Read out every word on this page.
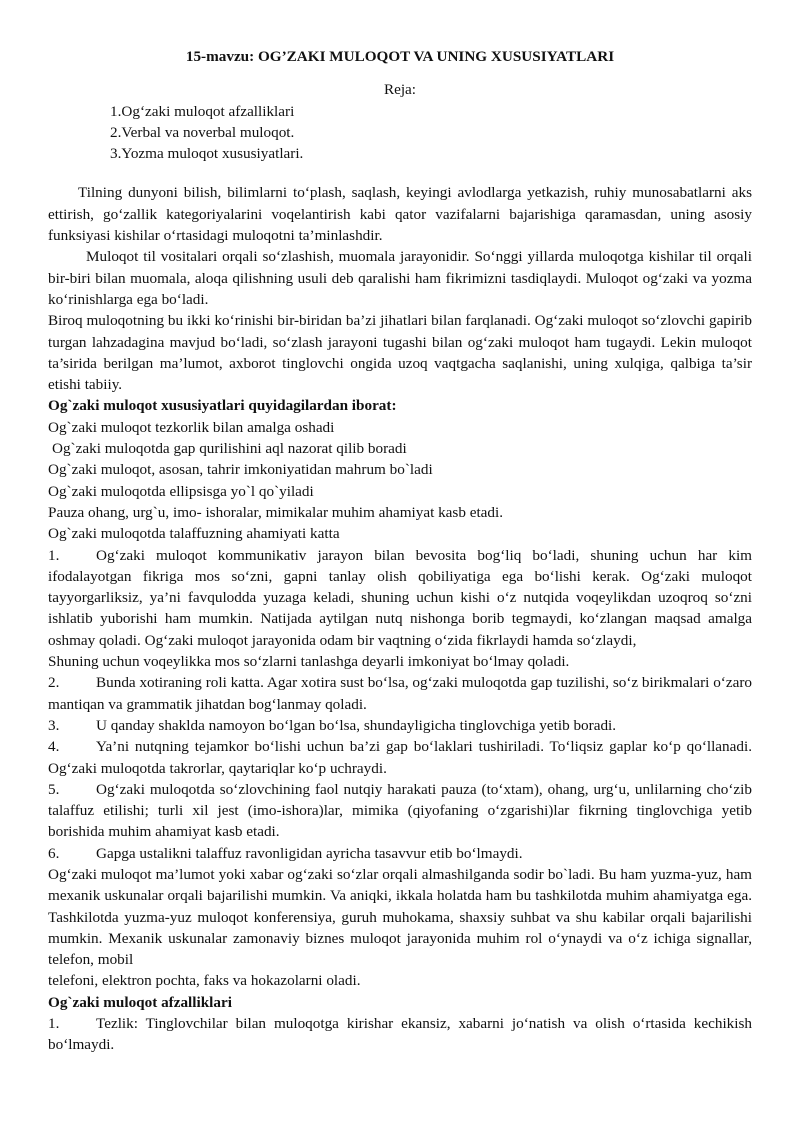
15-mavzu: OG’ZAKI MULOQOT VA UNING XUSUSIYATLARI

Reja:

1.Og‘zaki muloqot afzalliklari
2.Verbal va noverbal muloqot.
3.Yozma muloqot xususiyatlari.

Tilning dunyoni bilish, bilimlarni to‘plash, saqlash, keyingi avlodlarga yetkazish, ruhiy munosabatlarni aks ettirish, go‘zallik kategoriyalarini voqelantirish kabi qator vazifalarni bajarishiga qaramasdan, uning asosiy funksiyasi kishilar o‘rtasidagi muloqotni ta’minlashdir.

Muloqot til vositalari orqali so‘zlashish, muomala jarayonidir. So‘nggi yillarda muloqotga kishilar til orqali bir-biri bilan muomala, aloqa qilishning usuli deb qaralishi ham fikrimizni tasdiqlaydi. Muloqot og‘zaki va yozma ko‘rinishlarga ega bo‘ladi.

Biroq muloqotning bu ikki ko‘rinishi bir-biridan ba’zi jihatlari bilan farqlanadi. Og‘zaki muloqot so‘zlovchi gapirib turgan lahzadagina mavjud bo‘ladi, so‘zlash jarayoni tugashi bilan og‘zaki muloqot ham tugaydi. Lekin muloqot ta’sirida berilgan ma’lumot, axborot tinglovchi ongida uzoq vaqtgacha saqlanishi, uning xulqiga, qalbiga ta’sir etishi tabiiy.

Og`zaki muloqot xususiyatlari quyidagilardan iborat:

Og`zaki muloqot tezkorlik bilan amalga oshadi

Og`zaki muloqotda gap qurilishini aql nazorat qilib boradi

Og`zaki muloqot, asosan, tahrir imkoniyatidan mahrum bo`ladi

Og`zaki muloqotda ellipsisga yo`l qo`yiladi

Pauza ohang, urg`u, imo- ishoralar, mimikalar muhim ahamiyat kasb etadi.

Og`zaki muloqotda talaffuzning ahamiyati katta

1. Og‘zaki muloqot kommunikativ jarayon bilan bevosita bog‘liq bo‘ladi, shuning uchun har kim ifodalayotgan fikriga mos so‘zni, gapni tanlay olish qobiliyatiga ega bo‘lishi kerak. Og‘zaki muloqot tayyorgarliksiz, ya’ni favqulodda yuzaga keladi, shuning uchun kishi o‘z nutqida voqeylikdan uzoqroq so‘zni ishlatib yuborishi ham mumkin. Natijada aytilgan nutq nishonga borib tegmaydi, ko‘zlangan maqsad amalga oshmay qoladi. Og‘zaki muloqot jarayonida odam bir vaqtning o‘zida fikrlaydi hamda so‘zlaydi,

Shuning uchun voqeylikka mos so‘zlarni tanlashga deyarli imkoniyat bo‘lmay qoladi.

2. Bunda xotiraning roli katta. Agar xotira sust bo‘lsa, og‘zaki muloqotda gap tuzilishi, so‘z birikmalari o‘zaro mantiqan va grammatik jihatdan bog‘lanmay qoladi.

3. U qanday shaklda namoyon bo‘lgan bo‘lsa, shundayligicha tinglovchiga yetib boradi.

4. Ya’ni nutqning tejamkor bo‘lishi uchun ba’zi gap bo‘laklari tushiriladi. To‘liqsiz gaplar ko‘p qo‘llanadi. Og‘zaki muloqotda takrorlar, qaytariqlar ko‘p uchraydi.

5. Og‘zaki muloqotda so‘zlovchining faol nutqiy harakati pauza (to‘xtam), ohang, urg‘u, unlilarning cho‘zib talaffuz etilishi; turli xil jest (imo-ishora)lar, mimika (qiyofaning o‘zgarishi)lar fikrning tinglovchiga yetib borishida muhim ahamiyat kasb etadi.

6. Gapga ustalikni talaffuz ravonligidan ayricha tasavvur etib bo‘lmaydi.

Og‘zaki muloqot ma’lumot yoki xabar og‘zaki so‘zlar orqali almashilganda sodir bo`ladi. Bu ham yuzma-yuz, ham mexanik uskunalar orqali bajarilishi mumkin. Va aniqki, ikkala holatda ham bu tashkilotda muhim ahamiyatga ega. Tashkilotda yuzma-yuz muloqot konferensiya, guruh muhokama, shaxsiy suhbat va shu kabilar orqali bajarilishi mumkin. Mexanik uskunalar zamonaviy biznes muloqot jarayonida muhim rol o‘ynaydi va o‘z ichiga signallar, telefon, mobil

telefoni, elektron pochta, faks va hokazolarni oladi.

Og`zaki muloqot afzalliklari

1. Tezlik: Tinglovchilar bilan muloqotga kirishar ekansiz, xabarni jo‘natish va olish o‘rtasida kechikish bo‘lmaydi.
